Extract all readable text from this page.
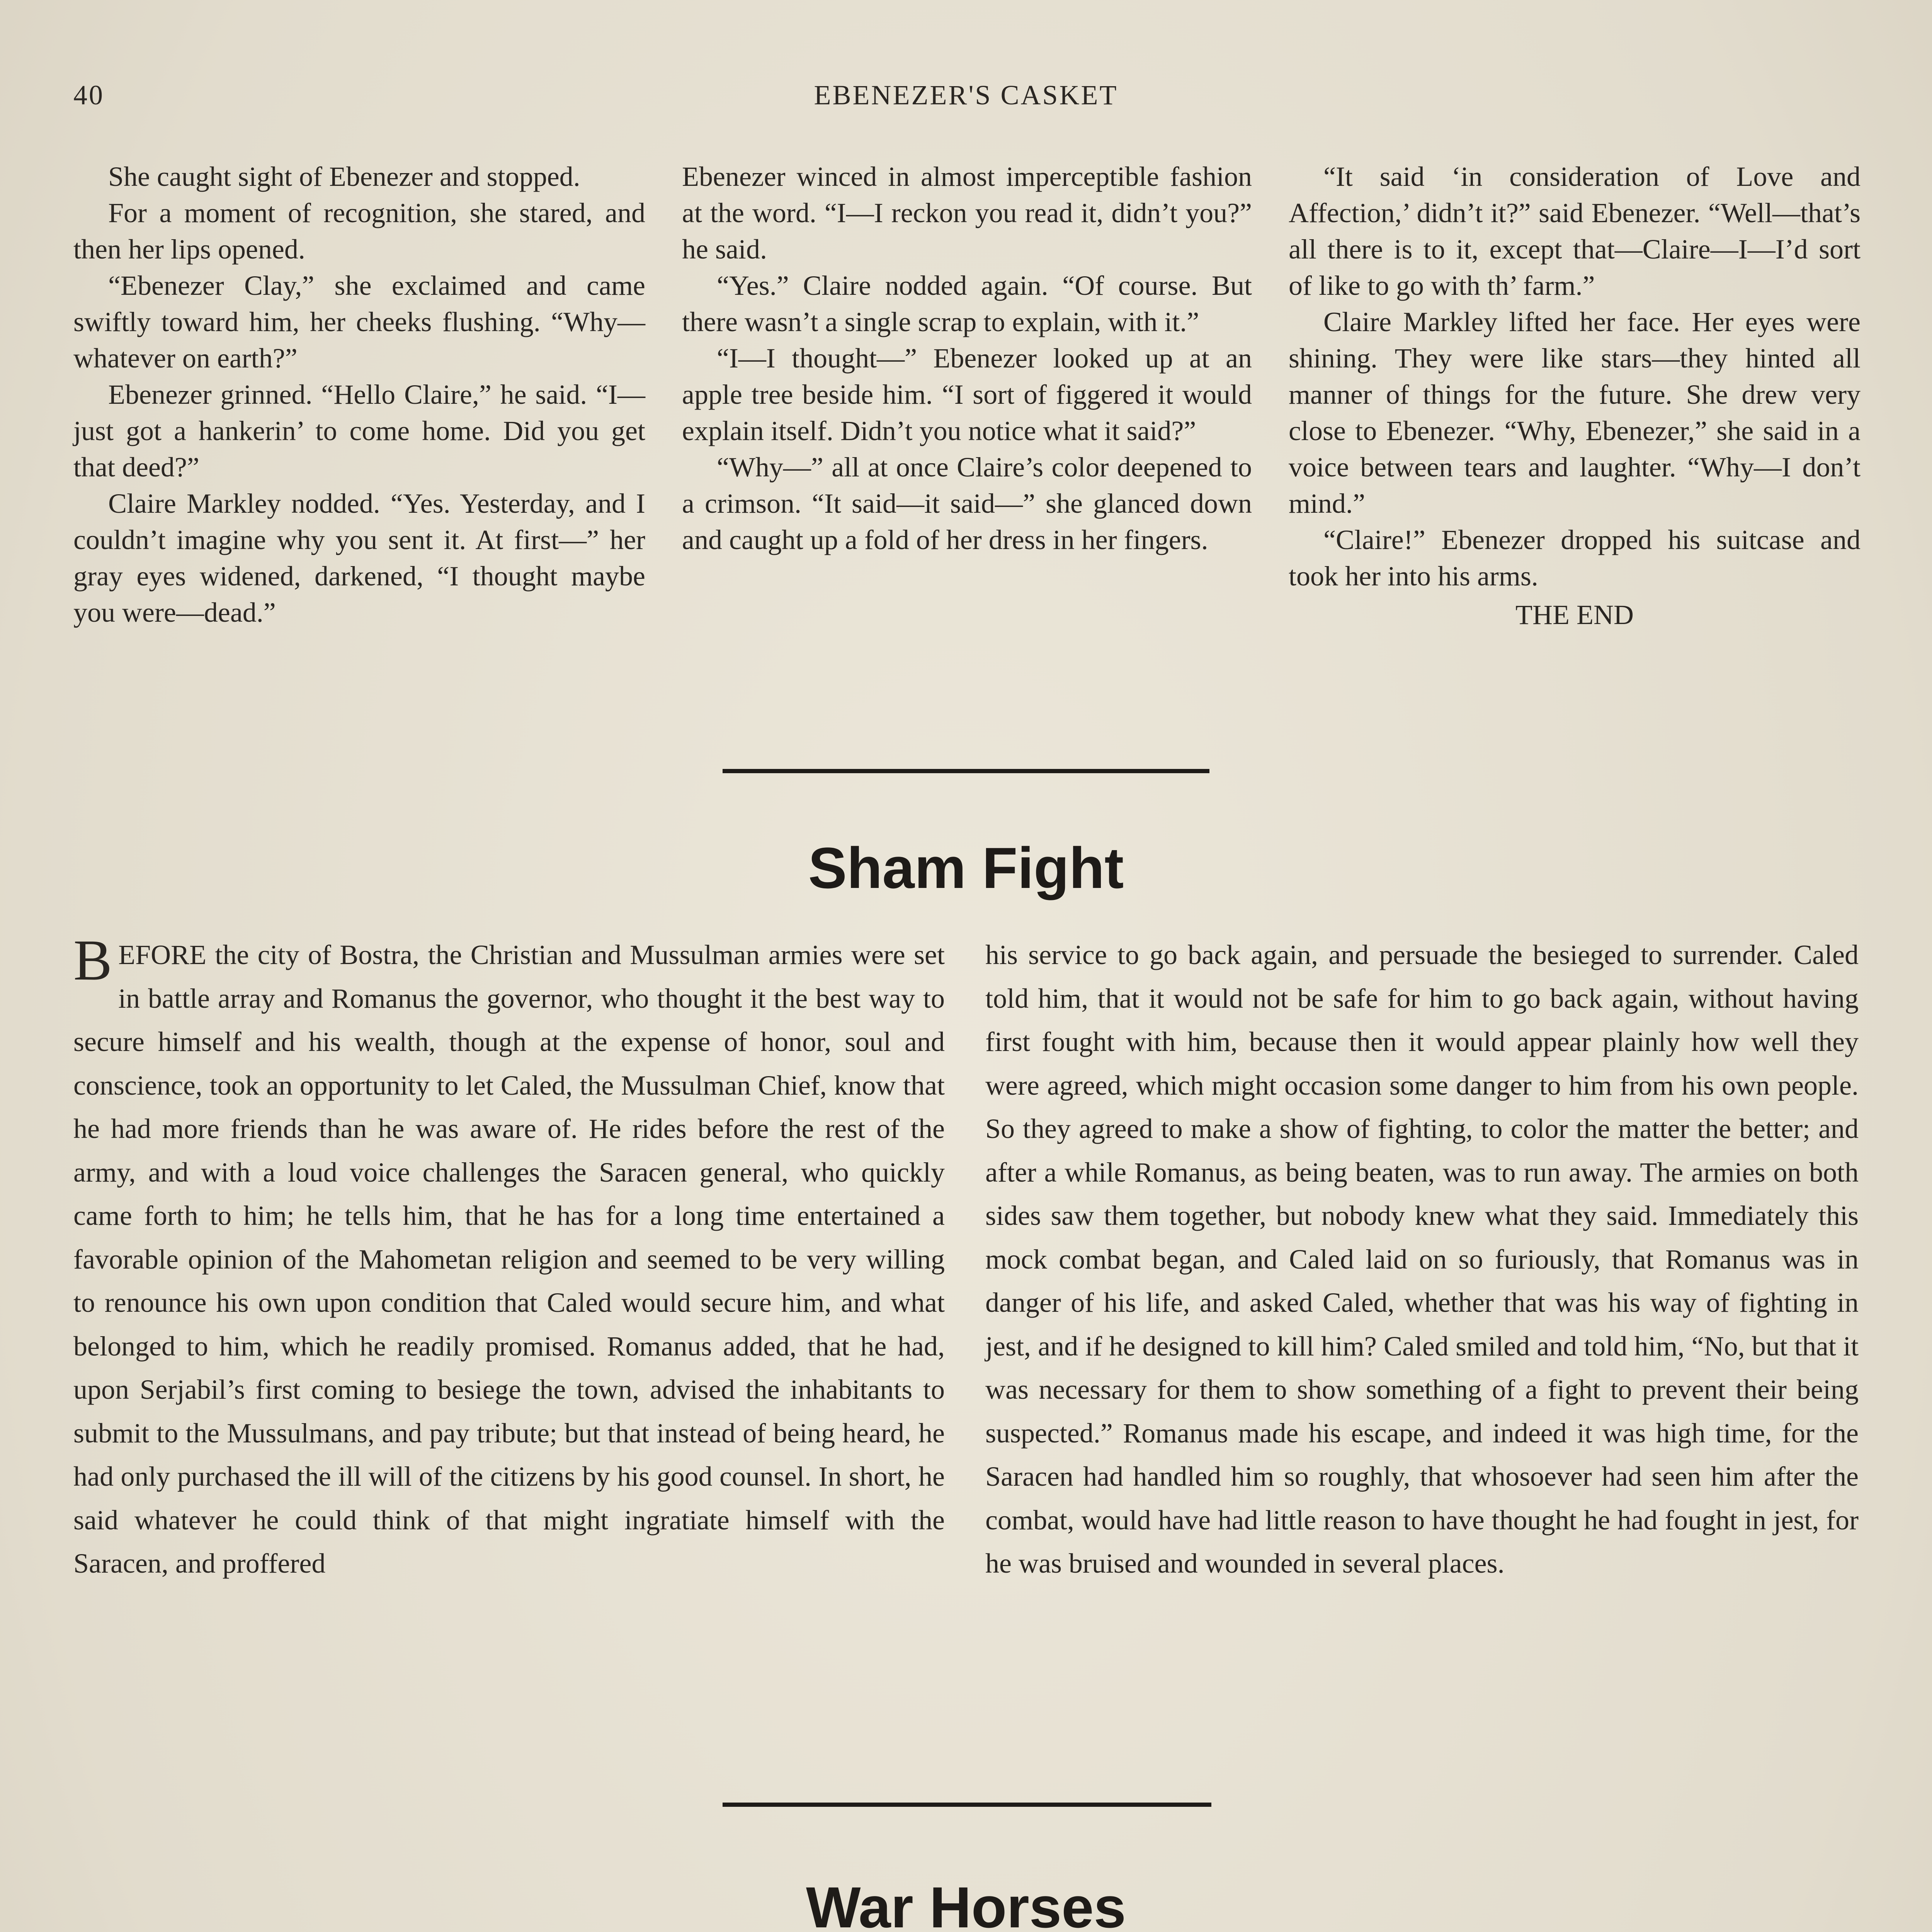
40	EBENEZER'S CASKET

She caught sight of Ebenezer and stopped.

For a moment of recognition, she stared, and then her lips opened.

“Ebenezer Clay,” she exclaimed and came swiftly toward him, her cheeks flushing. “Why—whatever on earth?”

Ebenezer grinned. “Hello Claire,” he said. “I—just got a hankerin’ to come home. Did you get that deed?”

Claire Markley nodded. “Yes. Yesterday, and I couldn’t imagine why you sent it. At first—” her gray eyes widened, darkened, “I thought maybe you were—dead.”

Ebenezer winced in almost imperceptible fashion at the word. “I—I reckon you read it, didn’t you?” he said.

“Yes.” Claire nodded again. “Of course. But there wasn’t a single scrap to explain, with it.”

“I—I thought—” Ebenezer looked up at an apple tree beside him. “I sort of figgered it would explain itself. Didn’t you notice what it said?”

“Why—” all at once Claire’s color deepened to a crimson. “It said—it said—” she glanced down and caught up a fold of her dress in her fingers.

“It said ‘in consideration of Love and Affection,’ didn’t it?” said Ebenezer. “Well—that’s all there is to it, except that—Claire—I—I’d sort of like to go with th’ farm.”

Claire Markley lifted her face. Her eyes were shining. They were like stars—they hinted all manner of things for the future. She drew very close to Ebenezer. “Why, Ebenezer,” she said in a voice between tears and laughter. “Why—I don’t mind.”

“Claire!” Ebenezer dropped his suitcase and took her into his arms.

THE END

Sham Fight

BEFORE the city of Bostra, the Christian and Mussulman armies were set in battle array and Romanus the governor, who thought it the best way to secure himself and his wealth, though at the expense of honor, soul and conscience, took an opportunity to let Caled, the Mussulman Chief, know that he had more friends than he was aware of. He rides before the rest of the army, and with a loud voice challenges the Saracen general, who quickly came forth to him; he tells him, that he has for a long time entertained a favorable opinion of the Mahometan religion and seemed to be very willing to renounce his own upon condition that Caled would secure him, and what belonged to him, which he readily promised. Romanus added, that he had, upon Serjabil’s first coming to besiege the town, advised the inhabitants to submit to the Mussulmans, and pay tribute; but that instead of being heard, he had only purchased the ill will of the citizens by his good counsel. In short, he said whatever he could think of that might ingratiate himself with the Saracen, and proffered

his service to go back again, and persuade the besieged to surrender. Caled told him, that it would not be safe for him to go back again, without having first fought with him, because then it would appear plainly how well they were agreed, which might occasion some danger to him from his own people. So they agreed to make a show of fighting, to color the matter the better; and after a while Romanus, as being beaten, was to run away. The armies on both sides saw them together, but nobody knew what they said. Immediately this mock combat began, and Caled laid on so furiously, that Romanus was in danger of his life, and asked Caled, whether that was his way of fighting in jest, and if he designed to kill him? Caled smiled and told him, “No, but that it was necessary for them to show something of a fight to prevent their being suspected.” Romanus made his escape, and indeed it was high time, for the Saracen had handled him so roughly, that whosoever had seen him after the combat, would have had little reason to have thought he had fought in jest, for he was bruised and wounded in several places.

War Horses
